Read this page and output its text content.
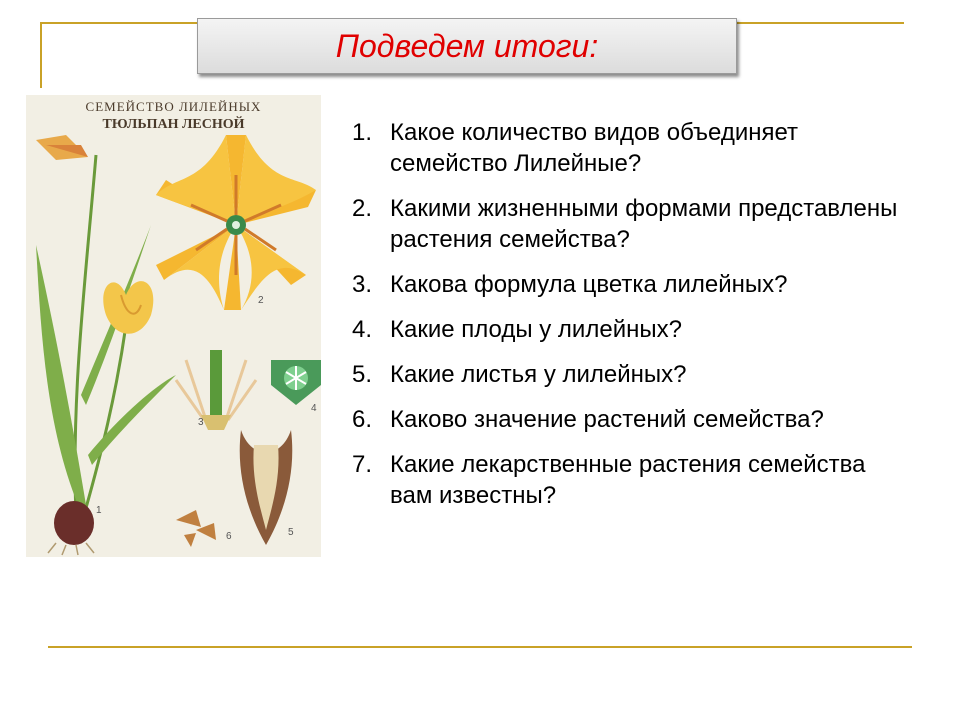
Подведем итоги:
СЕМЕЙСТВО ЛИЛЕЙНЫХ
ТЮЛЬПАН ЛЕСНОЙ
1
2
3
4
5
6
1. Какое количество видов объединяет семейство Лилейные?
2. Какими жизненными формами представлены растения семейства?
3. Какова формула цветка лилейных?
4. Какие плоды у лилейных?
5. Какие листья у лилейных?
6. Каково значение растений семейства?
7. Какие лекарственные растения семейства вам известны?
